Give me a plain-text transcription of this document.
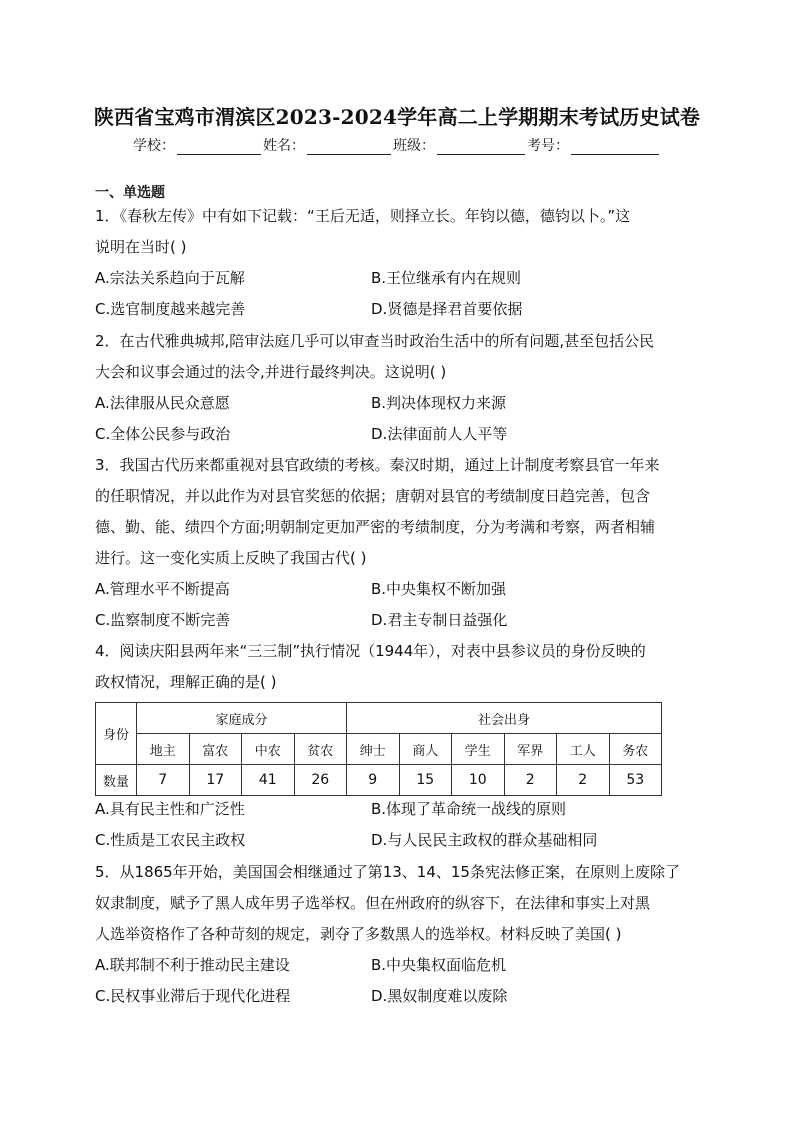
陕西省宝鸡市渭滨区2023-2024学年高二上学期期末考试历史试卷
学校：	姓名：	班级：	考号：
一、单选题
1．《春秋左传》中有如下记载：“王后无适，则择立长。年钧以德，德钧以卜。”这
说明在当时( )
A.宗法关系趋向于瓦解	B.王位继承有内在规则
C.选官制度越来越完善	D.贤德是择君首要依据
2．在古代雅典城邦,陪审法庭几乎可以审查当时政治生活中的所有问题,甚至包括公民
大会和议事会通过的法令,并进行最终判决。这说明( )
A.法律服从民众意愿	B.判决体现权力来源
C.全体公民参与政治	D.法律面前人人平等
3．我国古代历来都重视对县官政绩的考核。秦汉时期，通过上计制度考察县官一年来
的任职情况，并以此作为对县官奖惩的依据；唐朝对县官的考绩制度日趋完善，包含
德、勤、能、绩四个方面;明朝制定更加严密的考绩制度，分为考满和考察，两者相辅
进行。这一变化实质上反映了我国古代( )
A.管理水平不断提高	B.中央集权不断加强
C.监察制度不断完善	D.君主专制日益强化
4．阅读庆阳县两年来“三三制”执行情况（1944年），对表中县参议员的身份反映的
政权情况，理解正确的是( )
身份	家庭成分				社会出身					
	地主	富农	中农	贫农	绅士	商人	学生	军界	工人	务农
数量	7	17	41	26	9	15	10	2	2	53
A.具有民主性和广泛性	B.体现了革命统一战线的原则
C.性质是工农民主政权	D.与人民民主政权的群众基础相同
5．从1865年开始，美国国会相继通过了第13、14、15条宪法修正案，在原则上废除了
奴隶制度，赋予了黑人成年男子选举权。但在州政府的纵容下，在法律和事实上对黑
人选举资格作了各种苛刻的规定，剥夺了多数黑人的选举权。材料反映了美国( )
A.联邦制不利于推动民主建设	B.中央集权面临危机
C.民权事业滞后于现代化进程	D.黑奴制度难以废除
